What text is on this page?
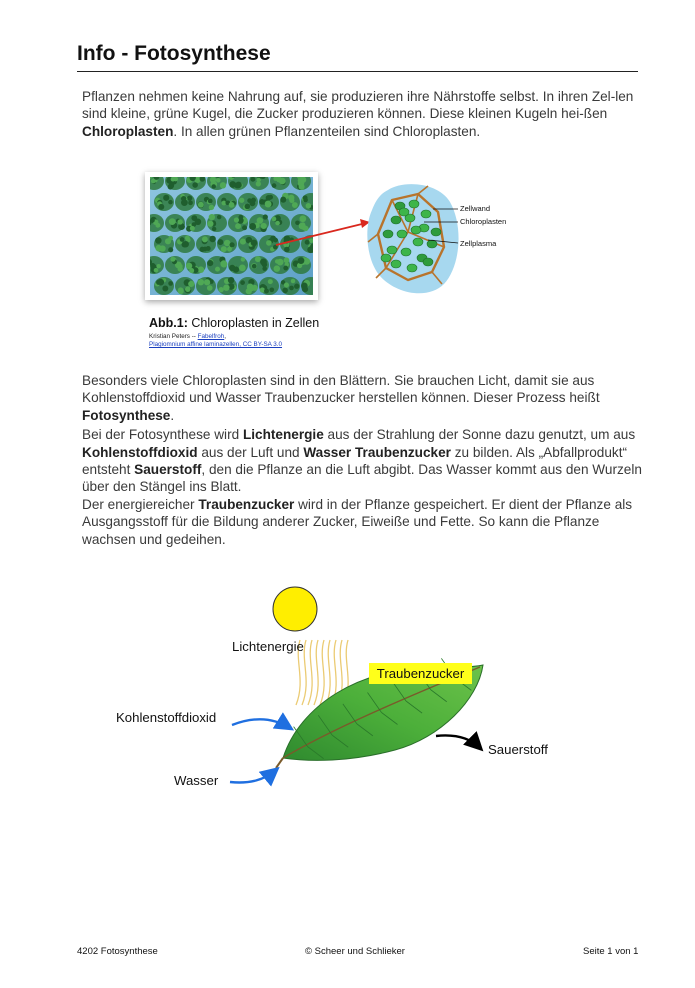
Info - Fotosynthese

Pflanzen nehmen keine Nahrung auf, sie produzieren ihre Nährstoffe selbst. In ihren Zel-len sind kleine, grüne Kugel, die Zucker produzieren können. Diese kleinen Kugeln hei-ßen Chloroplasten. In allen grünen Pflanzenteilen sind Chloroplasten.

Zellwand
Chloroplasten
Zellplasma
Abb.1: Chloroplasten in Zellen
Kristian Peters -- Fabelfroh,
Plagiomnium affine laminazellen, CC BY-SA 3.0

Besonders viele Chloroplasten sind in den Blättern. Sie brauchen Licht, damit sie aus Kohlenstoffdioxid und Wasser Traubenzucker herstellen können. Dieser Prozess heißt Fotosynthese.

Bei der Fotosynthese wird Lichtenergie aus der Strahlung der Sonne dazu genutzt, um aus Kohlenstoffdioxid aus der Luft und Wasser Traubenzucker zu bilden. Als „Abfallprodukt“ entsteht Sauerstoff, den die Pflanze an die Luft abgibt. Das Wasser kommt aus den Wurzeln über den Stängel ins Blatt.

Der energiereicher Traubenzucker wird in der Pflanze gespeichert. Er dient der Pflanze als Ausgangsstoff für die Bildung anderer Zucker, Eiweiße und Fette. So kann die Pflanze wachsen und gedeihen.

Lichtenergie
Traubenzucker
Kohlenstoffdioxid
Sauerstoff
Wasser
4202 Fotosynthese	© Scheer und Schlieker	Seite 1 von 1
